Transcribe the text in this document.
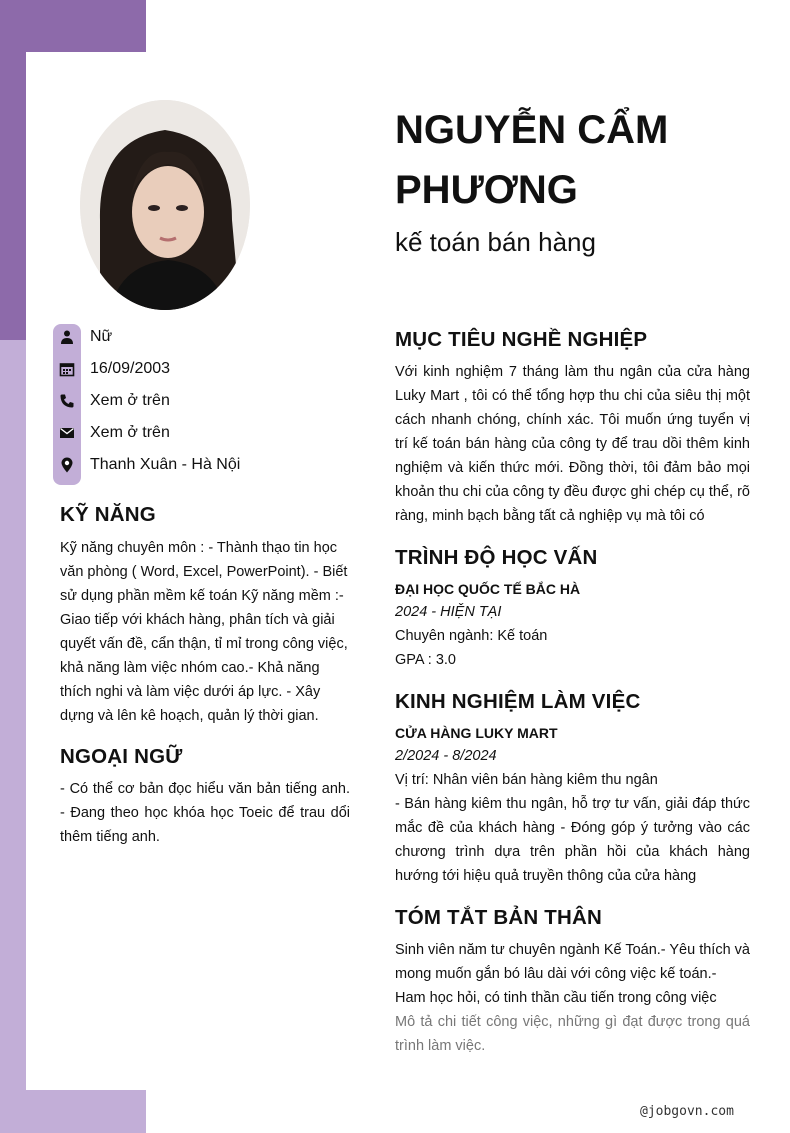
NGUYỄN CẨM PHƯƠNG
kế toán bán hàng
Nữ
16/09/2003
Xem ở trên
Xem ở trên
Thanh Xuân - Hà Nội
KỸ NĂNG

Kỹ năng chuyên môn : - Thành thạo tin học văn phòng ( Word, Excel, PowerPoint). - Biết sử dụng phần mềm kế toán Kỹ năng mềm :- Giao tiếp với khách hàng, phân tích và giải quyết vấn đề, cẩn thận, tỉ mỉ trong công việc, khả năng làm việc nhóm cao.- Khả năng thích nghi và làm việc dưới áp lực. - Xây dựng và lên kê hoạch, quản lý thời gian.

NGOẠI NGỮ

- Có thể cơ bản đọc hiểu văn bản tiếng anh. - Đang theo học khóa học Toeic để trau dổi thêm tiếng anh.

MỤC TIÊU NGHỀ NGHIỆP

Với kinh nghiệm 7 tháng làm thu ngân của cửa hàng Luky Mart , tôi có thể tổng hợp thu chi của siêu thị một cách nhanh chóng, chính xác. Tôi muốn ứng tuyển vị trí kế toán bán hàng của công ty để trau dồi thêm kinh nghiệm và kiến thức mới. Đồng thời, tôi đảm bảo mọi khoản thu chi của công ty đều được ghi chép cụ thể, rõ ràng, minh bạch bằng tất cả nghiệp vụ mà tôi có

TRÌNH ĐỘ HỌC VẤN
ĐẠI HỌC QUỐC TẾ BẮC HÀ
2024 - HIỆN TẠI
Chuyên ngành: Kế toán
GPA : 3.0
KINH NGHIỆM LÀM VIỆC
CỬA HÀNG LUKY MART
2/2024 - 8/2024
Vị trí: Nhân viên bán hàng kiêm thu ngân

- Bán hàng kiêm thu ngân, hỗ trợ tư vấn, giải đáp thức mắc đề của khách hàng - Đóng góp ý tưởng vào các chương trình dựa trên phần hồi của khách hàng hướng tới hiệu quả truyền thông của cửa hàng

TÓM TẮT BẢN THÂN

Sinh viên năm tư chuyên ngành Kế Toán.- Yêu thích và mong muốn gắn bó lâu dài với công việc kế toán.- Ham học hỏi, có tinh thần cầu tiến trong công việc

Mô tả chi tiết công việc, những gì đạt được trong quá trình làm việc.

@jobgovn.com
